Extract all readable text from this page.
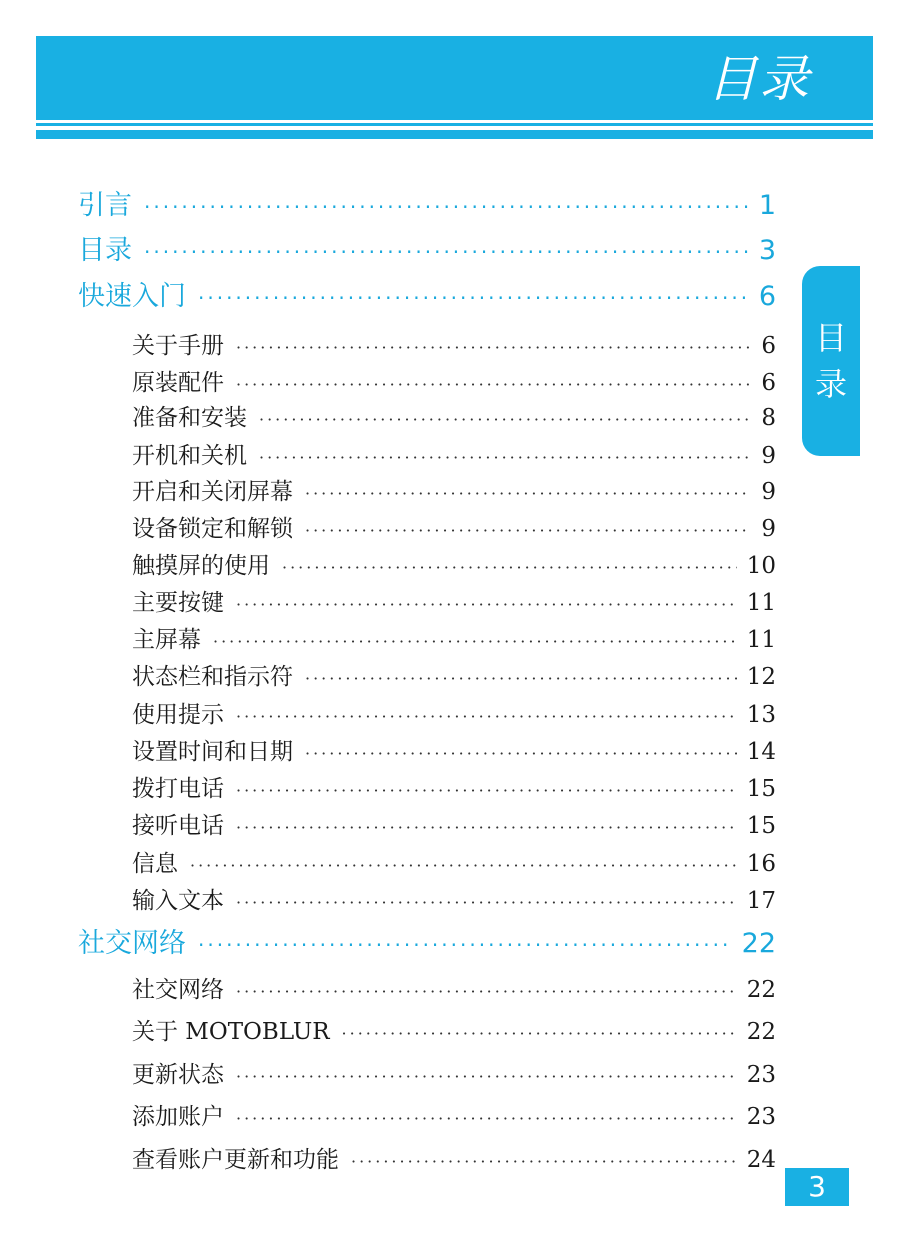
目录
目
录
引言 ·····	1
目录 ·····	3
快速入门 ·····	6
关于手册 ·····	6
原装配件 ·····	6
准备和安装 ·····	8
开机和关机 ·····	9
开启和关闭屏幕 ·····	9
设备锁定和解锁 ·····	9
触摸屏的使用 ·····	10
主要按键 ·····	11
主屏幕 ·····	11
状态栏和指示符 ·····	12
使用提示 ·····	13
设置时间和日期 ·····	14
拨打电话 ·····	15
接听电话 ·····	15
信息 ·····	16
输入文本 ·····	17
社交网络 ·····	22
社交网络 ·····	22
关于 MOTOBLUR ·····	22
更新状态 ·····	23
添加账户 ·····	23
查看账户更新和功能 ·····	24
3
